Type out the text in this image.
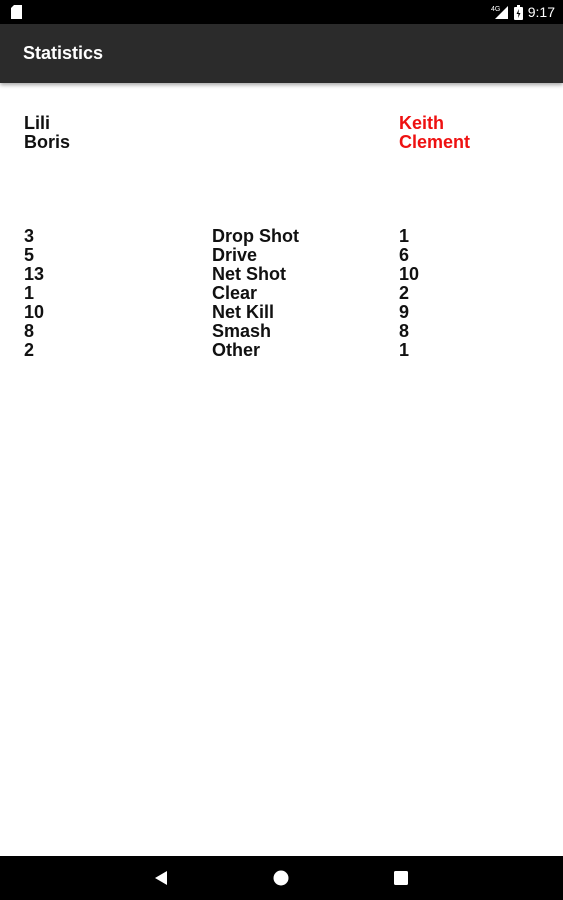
4G 9:17
Statistics
Lili
Boris
Keith
Clement
3
5
13
1
10
8
2
Drop Shot
Drive
Net Shot
Clear
Net Kill
Smash
Other
1
6
10
2
9
8
1
